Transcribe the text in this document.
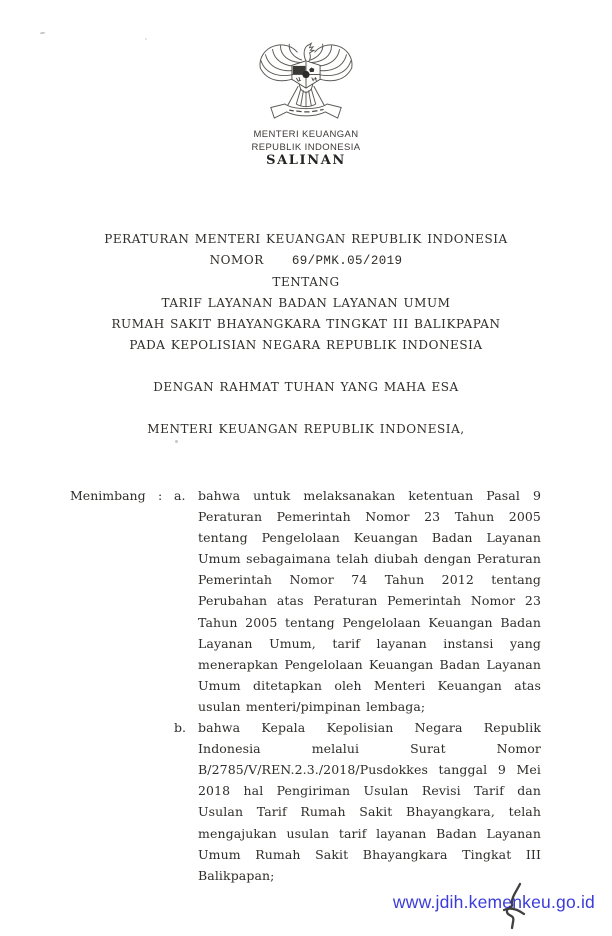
MENTERI KEUANGAN
REPUBLIK INDONESIA
SALINAN
PERATURAN MENTERI KEUANGAN REPUBLIK INDONESIA
NOMOR 69/PMK.05/2019
TENTANG
TARIF LAYANAN BADAN LAYANAN UMUM
RUMAH SAKIT BHAYANGKARA TINGKAT III BALIKPAPAN
PADA KEPOLISIAN NEGARA REPUBLIK INDONESIA
DENGAN RAHMAT TUHAN YANG MAHA ESA
MENTERI KEUANGAN REPUBLIK INDONESIA,
Menimbang : a.	bahwa untuk melaksanakan ketentuan Pasal 9 Peraturan Pemerintah Nomor 23 Tahun 2005 tentang Pengelolaan Keuangan Badan Layanan Umum sebagaimana telah diubah dengan Peraturan Pemerintah Nomor 74 Tahun 2012 tentang Perubahan atas Peraturan Pemerintah Nomor 23 Tahun 2005 tentang Pengelolaan Keuangan Badan Layanan Umum, tarif layanan instansi yang menerapkan Pengelolaan Keuangan Badan Layanan Umum ditetapkan oleh Menteri Keuangan atas usulan menteri/pimpinan lembaga;
b. bahwa Kepala Kepolisian Negara Republik Indonesia melalui Surat Nomor B/2785/V/REN.2.3./2018/Pusdokkes tanggal 9 Mei 2018 hal Pengiriman Usulan Revisi Tarif dan Usulan Tarif Rumah Sakit Bhayangkara, telah mengajukan usulan tarif layanan Badan Layanan Umum Rumah Sakit Bhayangkara Tingkat III Balikpapan;
www.jdih.kemenkeu.go.id
